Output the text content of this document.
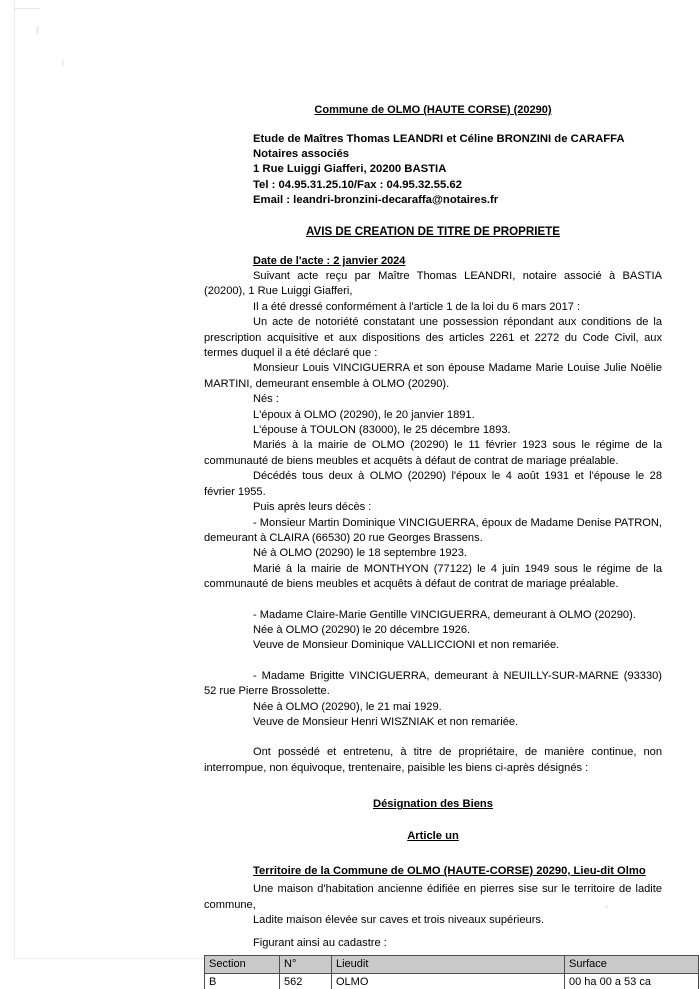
Commune de OLMO (HAUTE CORSE) (20290)
Etude de Maîtres Thomas LEANDRI et Céline BRONZINI de CARAFFA
Notaires associés
1 Rue Luiggi Giafferi, 20200 BASTIA
Tel : 04.95.31.25.10/Fax : 04.95.32.55.62
Email : leandri-bronzini-decaraffa@notaires.fr
AVIS DE CREATION DE TITRE DE PROPRIETE
Date de l'acte : 2 janvier 2024

Suivant acte reçu par Maître Thomas LEANDRI, notaire associé à BASTIA (20200), 1 Rue Luiggi Giafferi,

Il a été dressé conformément à l'article 1 de la loi du 6 mars 2017 :

Un acte de notoriété constatant une possession répondant aux conditions de la prescription acquisitive et aux dispositions des articles 2261 et 2272 du Code Civil, aux termes duquel il a été déclaré que :

Monsieur Louis VINCIGUERRA et son épouse Madame Marie Louise Julie Noëlie MARTINI, demeurant ensemble à OLMO (20290).

Nés :

L'époux à OLMO (20290), le 20 janvier 1891.

L'épouse à TOULON (83000), le 25 décembre 1893.

Mariés à la mairie de OLMO (20290) le 11 février 1923 sous le régime de la communauté de biens meubles et acquêts à défaut de contrat de mariage préalable.

Décédés tous deux à OLMO (20290) l'époux le 4 août 1931 et l'épouse le 28 février 1955.

Puis après leurs décès :

- Monsieur Martin Dominique VINCIGUERRA, époux de Madame Denise PATRON, demeurant à CLAIRA (66530) 20 rue Georges Brassens.

Né à OLMO (20290) le 18 septembre 1923.

Marié à la mairie de MONTHYON (77122) le 4 juin 1949 sous le régime de la communauté de biens meubles et acquêts à défaut de contrat de mariage préalable.

- Madame Claire-Marie Gentille VINCIGUERRA, demeurant à OLMO (20290).

Née à OLMO (20290) le 20 décembre 1926.

Veuve de Monsieur Dominique VALLICCIONI et non remariée.

- Madame Brigitte VINCIGUERRA, demeurant à NEUILLY-SUR-MARNE (93330) 52 rue Pierre Brossolette.

Née à OLMO (20290), le 21 mai 1929.

Veuve de Monsieur Henri WISZNIAK et non remariée.

Ont possédé et entretenu, à titre de propriétaire, de manière continue, non interrompue, non équivoque, trentenaire, paisible les biens ci-après désignés :

Désignation des Biens
Article un

Territoire de la Commune de OLMO (HAUTE-CORSE) 20290, Lieu-dit Olmo

Une maison d'habitation ancienne édifiée en pierres sise sur le territoire de ladite commune,

Ladite maison élevée sur caves et trois niveaux supérieurs.

Figurant ainsi au cadastre :

Section	N°	Lieudit	Surface
B	562	OLMO	00 ha 00 a 53 ca
